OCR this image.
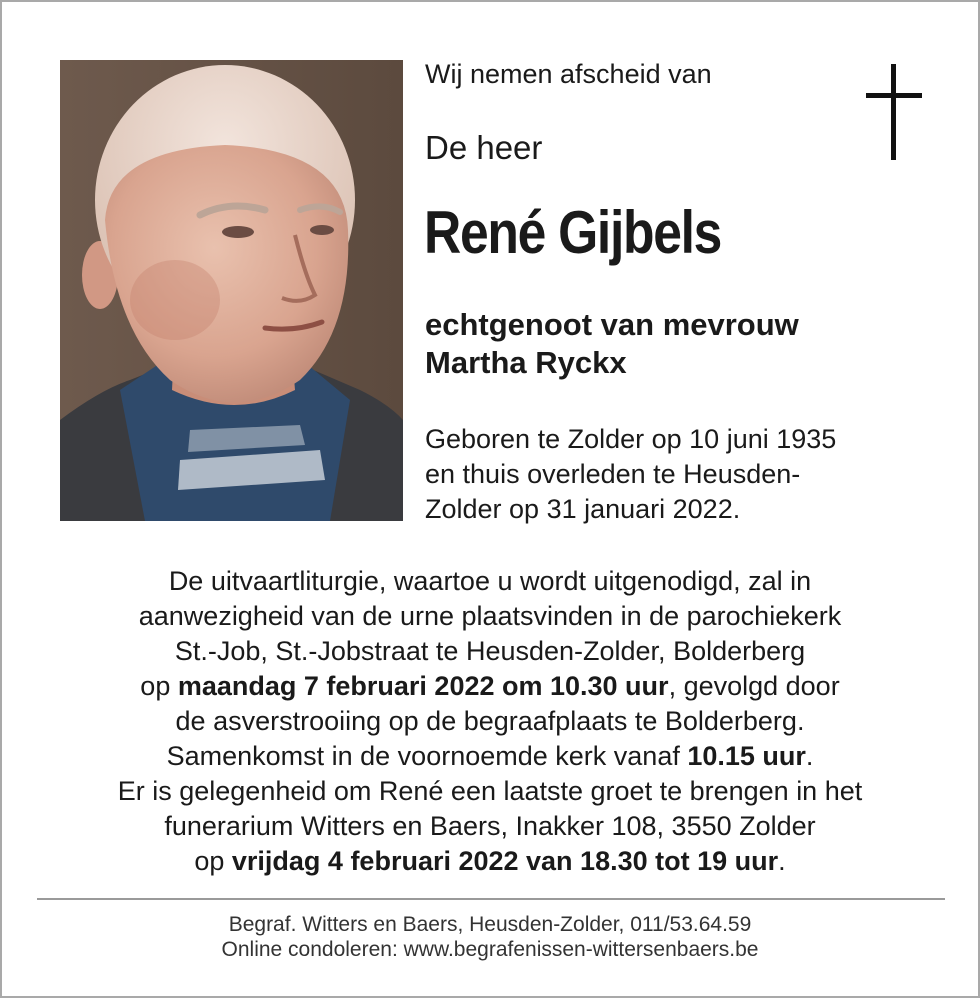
Wij nemen afscheid van
De heer
René Gijbels
echtgenoot van mevrouw
Martha Ryckx
Geboren te Zolder op 10 juni 1935
en thuis overleden te Heusden-
Zolder op 31 januari 2022.
De uitvaartliturgie, waartoe u wordt uitgenodigd, zal in
aanwezigheid van de urne plaatsvinden in de parochiekerk
St.-Job, St.-Jobstraat te Heusden-Zolder, Bolderberg
op maandag 7 februari 2022 om 10.30 uur, gevolgd door
de asverstrooiing op de begraafplaats te Bolderberg.
Samenkomst in de voornoemde kerk vanaf 10.15 uur.
Er is gelegenheid om René een laatste groet te brengen in het
funerarium Witters en Baers, Inakker 108, 3550 Zolder
op vrijdag 4 februari 2022 van 18.30 tot 19 uur.
Begraf. Witters en Baers, Heusden-Zolder, 011/53.64.59
Online condoleren: www.begrafenissen-wittersenbaers.be
